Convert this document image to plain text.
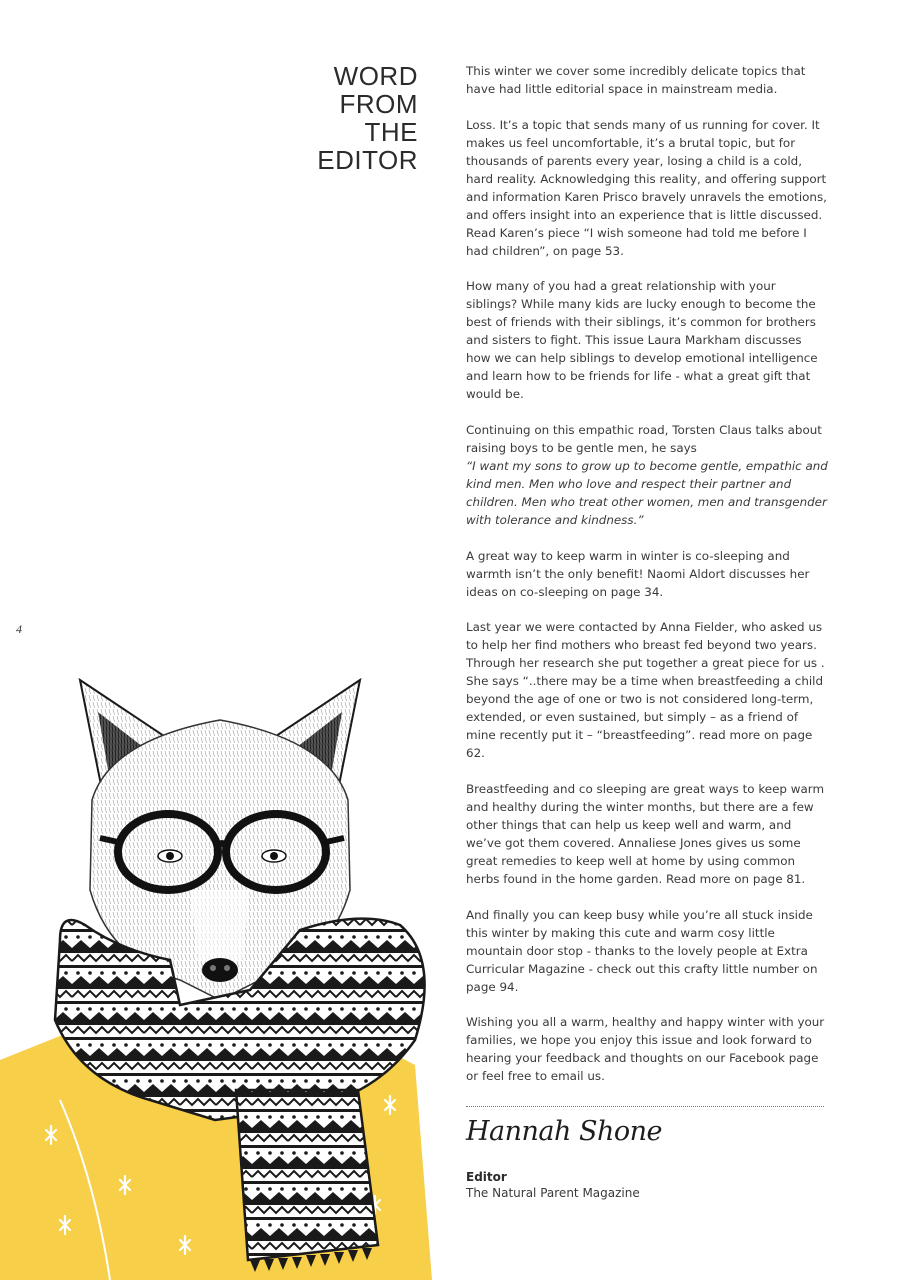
WORD
FROM
THE
EDITOR
4

This winter we cover some incredibly delicate topics that have had little editorial space in mainstream media.

Loss. It’s a topic that sends many of us running for cover. It makes us feel uncomfortable, it’s a brutal topic, but for thousands of parents every year, losing a child is a cold, hard reality. Acknowledging this reality, and offering support and information Karen Prisco bravely unravels the emotions, and offers insight into an experience that is little discussed. Read Karen’s piece “I wish someone had told me before I had children”, on page 53.

How many of you had a great relationship with your siblings? While many kids are lucky enough to become the best of friends with their siblings, it’s common for brothers and sisters to fight. This issue Laura Markham discusses how we can help siblings to develop emotional intelligence and learn how to be friends for life - what a great gift that would be.

Continuing on this empathic road, Torsten Claus talks about raising boys to be gentle men, he says
“I want my sons to grow up to become gentle, empathic and kind men. Men who love and respect their partner and children. Men who treat other women, men and transgender with tolerance and kindness.”

A great way to keep warm in winter is co-sleeping and warmth isn’t the only benefit! Naomi Aldort discusses her ideas on co-sleeping on page 34.

Last year we were contacted by Anna Fielder, who asked us to help her find mothers who breast fed beyond two years. Through her research she put together a great piece for us . She says “..there may be a time when breastfeeding a child beyond the age of one or two is not considered long-term, extended, or even sustained, but simply – as a friend of mine recently put it – “breastfeeding”. read more on page 62.

Breastfeeding and co sleeping are great ways to keep warm and healthy during the winter months, but there are a few other things that can help us keep well and warm, and we’ve got them covered. Annaliese Jones gives us some great remedies to keep well at home by using common herbs found in the home garden. Read more on page 81.

And finally you can keep busy while you’re all stuck inside this winter by making this cute and warm cosy little mountain door stop - thanks to the lovely people at Extra Curricular Magazine - check out this crafty little number on page 94.

Wishing you all a warm, healthy and happy winter with your families, we hope you enjoy this issue and look forward to hearing your feedback and thoughts on our Facebook page or feel free to email us.

Hannah Shone
Editor
The Natural Parent Magazine
